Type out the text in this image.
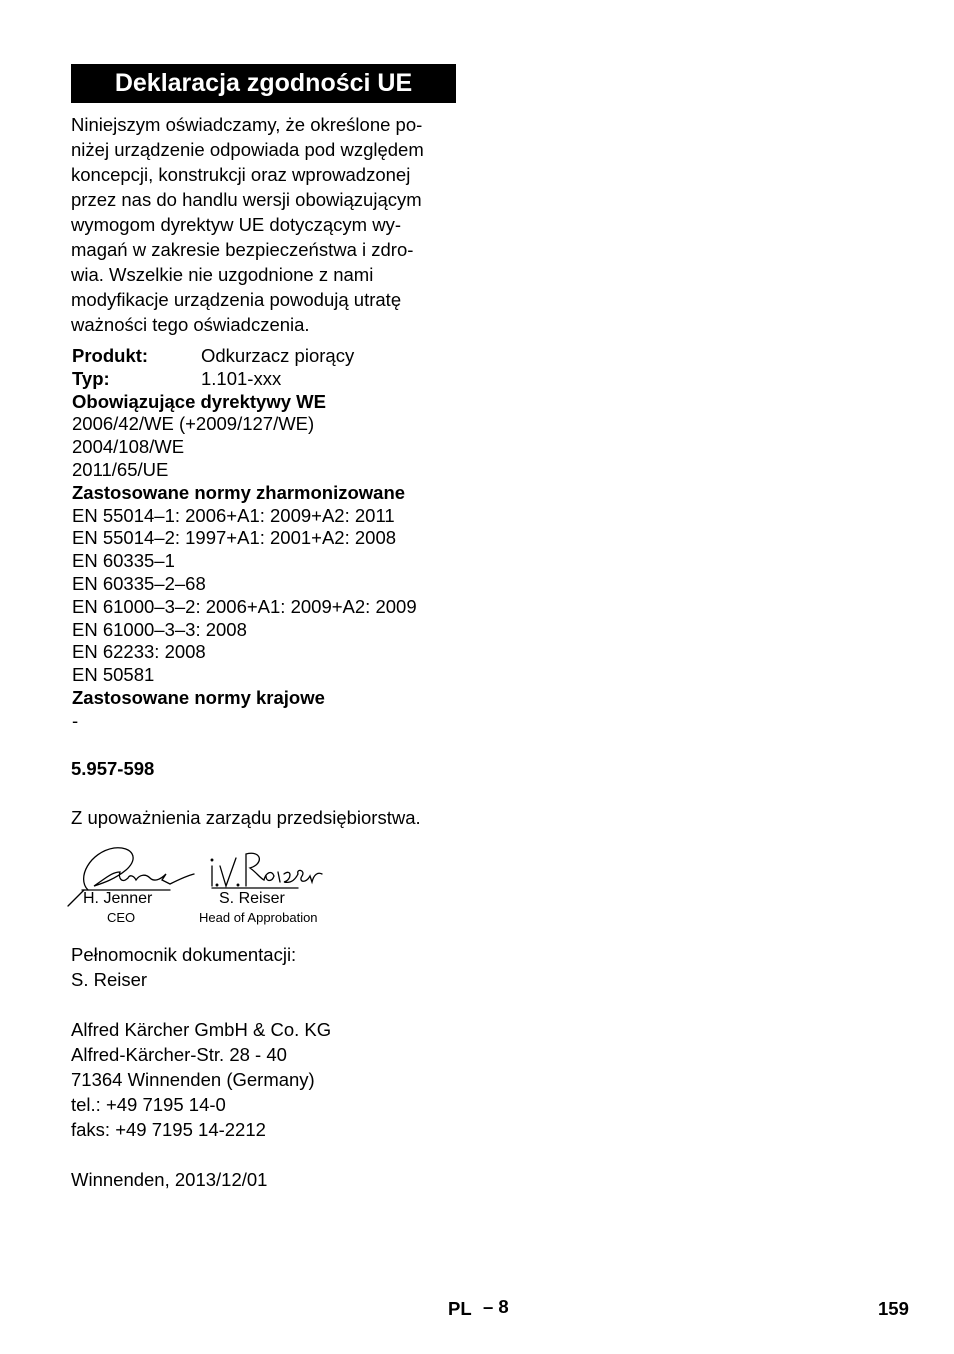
Deklaracja zgodności UE
Niniejszym oświadczamy, że określone po-
niżej urządzenie odpowiada pod względem
koncepcji, konstrukcji oraz wprowadzonej
przez nas do handlu wersji obowiązującym
wymogom dyrektyw UE dotyczącym wy-
magań w zakresie bezpieczeństwa i zdro-
wia. Wszelkie nie uzgodnione z nami
modyfikacje urządzenia powodują utratę
ważności tego oświadczenia.
Produkt:	Odkurzacz piorący
Typ:	1.101-xxx
Obowiązujące dyrektywy WE
2006/42/WE (+2009/127/WE)
2004/108/WE
2011/65/UE
Zastosowane normy zharmonizowane
EN 55014–1: 2006+A1: 2009+A2: 2011
EN 55014–2: 1997+A1: 2001+A2: 2008
EN 60335–1
EN 60335–2–68
EN 61000–3–2: 2006+A1: 2009+A2: 2009
EN 61000–3–3: 2008
EN 62233: 2008
EN 50581
Zastosowane normy krajowe
-
5.957-598
Z upoważnienia zarządu przedsiębiorstwa.
H. Jenner
CEO
S. Reiser
Head of Approbation
Pełnomocnik dokumentacji:
S. Reiser
Alfred Kärcher GmbH & Co. KG
Alfred-Kärcher-Str. 28 - 40
71364 Winnenden (Germany)
tel.: +49 7195 14-0
faks: +49 7195 14-2212
Winnenden, 2013/12/01
PL – 8	159
